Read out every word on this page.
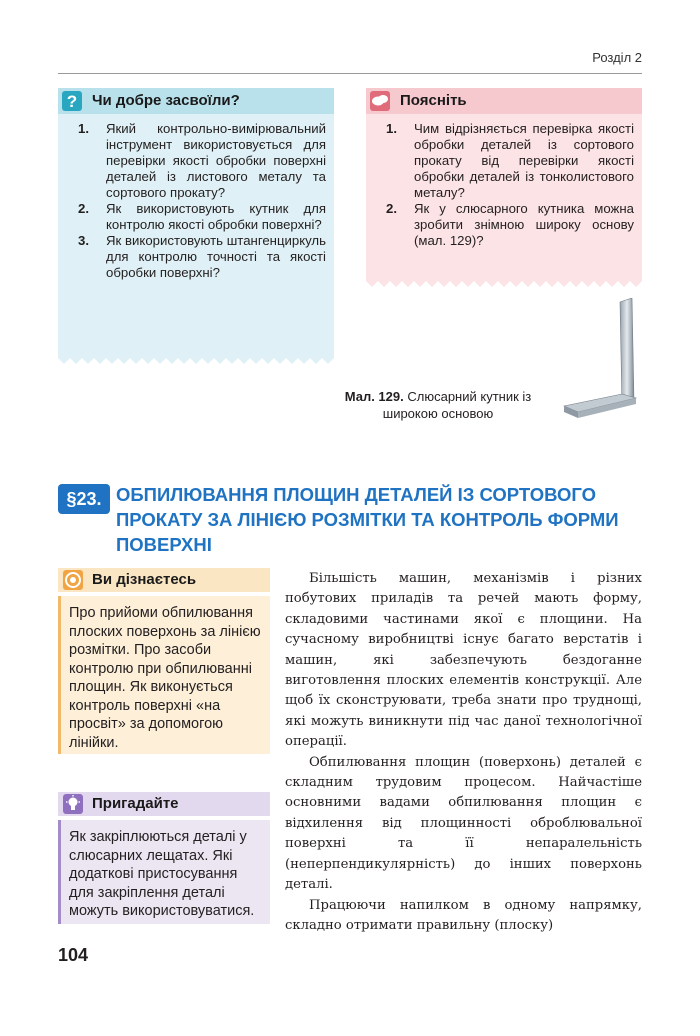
Розділ 2
? Чи добре засвоїли?
1. Який контрольно-вимірювальний інструмент використовується для перевірки якості обробки поверхні деталей із листового металу та сортового прокату?
2. Як використовують кутник для контролю якості обробки поверхні?
3. Як використовують штангенциркуль для контролю точності та якості обробки поверхні?
Поясніть
1. Чим відрізняється перевірка якості обробки деталей із сортового прокату від перевірки якості обробки деталей із тонколистового металу?
2. Як у слюсарного кутника можна зробити знімною широку основу (мал. 129)?
Мал. 129. Слюсарний кутник із широкою основою
§23. ОБПИЛЮВАННЯ ПЛОЩИН ДЕТАЛЕЙ ІЗ СОРТОВОГО ПРОКАТУ ЗА ЛІНІЄЮ РОЗМІТКИ ТА КОНТРОЛЬ ФОРМИ ПОВЕРХНІ
Ви дізнаєтесь
Про прийоми обпилювання плоских поверхонь за лінією розмітки. Про засоби контролю при обпилюванні площин. Як виконується контроль поверхні «на просвіт» за допомогою лінійки.
Пригадайте
Як закріплюються деталі у слюсарних лещатах. Які додаткові пристосування для закріплення деталі можуть використовуватися.

Більшість машин, механізмів і різних побутових приладів та речей мають форму, складовими частинами якої є площини. На сучасному виробництві існує багато верстатів і машин, які забезпечують бездоганне виготовлення плоских елементів конструкції. Але щоб їх сконструювати, треба знати про труднощі, які можуть виникнути під час даної технологічної операції.

Обпилювання площин (поверхонь) деталей є складним трудовим процесом. Найчастіше основними вадами обпилювання площин є відхилення від площинності оброблювальної поверхні та її непаралельність (неперпендикулярність) до інших поверхонь деталі.

Працюючи напилком в одному напрямку, складно отримати правильну (плоску)

104
